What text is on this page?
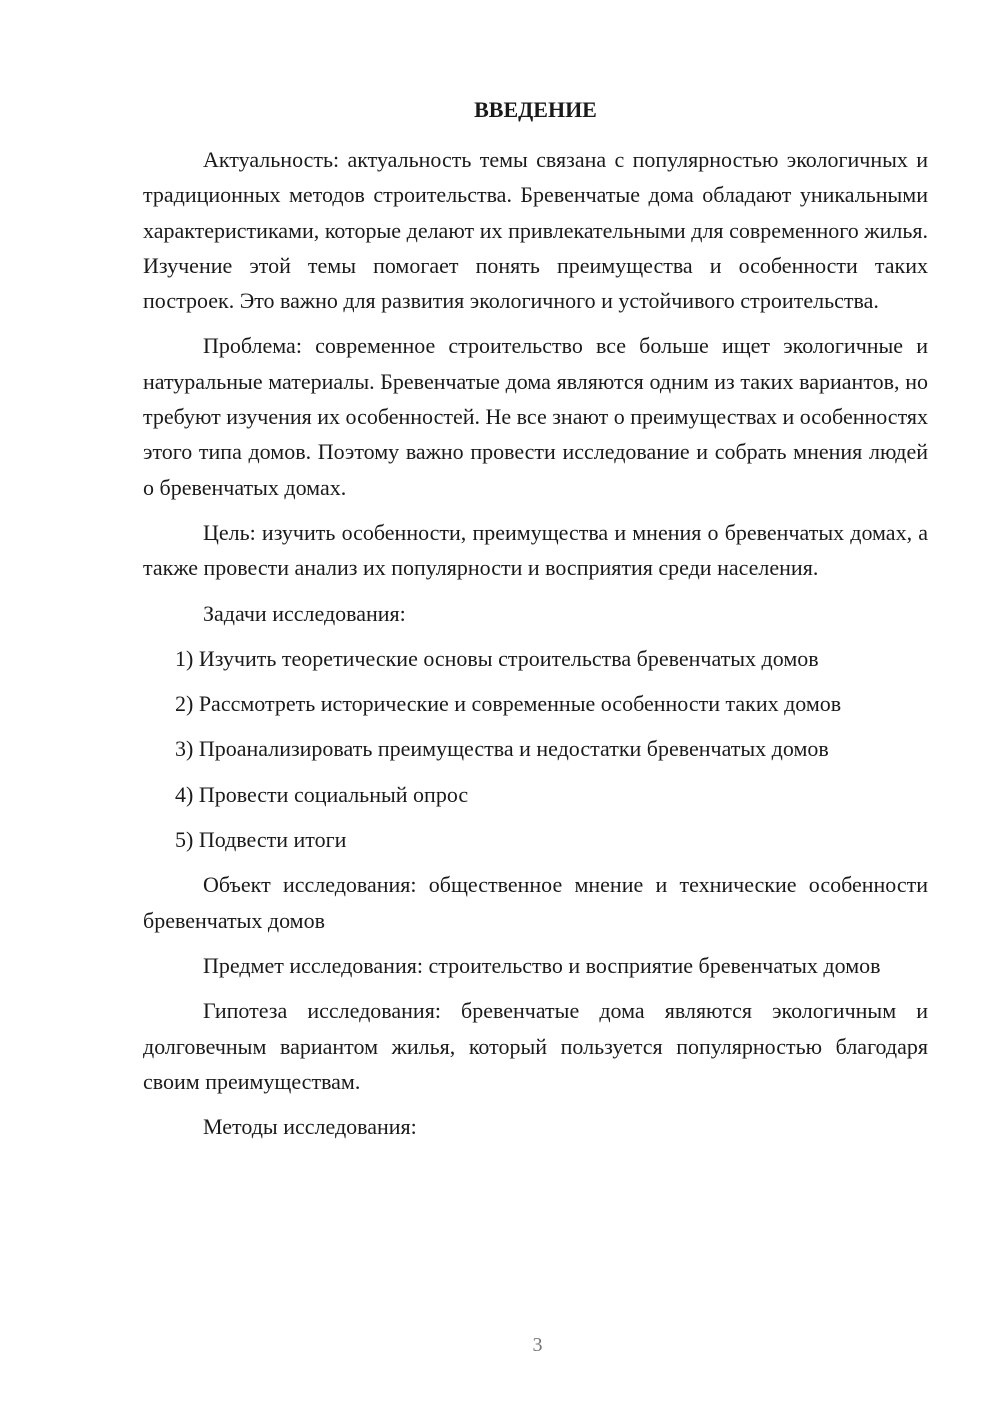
ВВЕДЕНИЕ

Актуальность: актуальность темы связана с популярностью экологичных и традиционных методов строительства. Бревенчатые дома обладают уникальными характеристиками, которые делают их привлекательными для современного жилья. Изучение этой темы помогает понять преимущества и особенности таких построек. Это важно для развития экологичного и устойчивого строительства.

Проблема: современное строительство все больше ищет экологичные и натуральные материалы. Бревенчатые дома являются одним из таких вариантов, но требуют изучения их особенностей. Не все знают о преимуществах и особенностях этого типа домов. Поэтому важно провести исследование и собрать мнения людей о бревенчатых домах.

Цель: изучить особенности, преимущества и мнения о бревенчатых домах, а также провести анализ их популярности и восприятия среди населения.

Задачи исследования:

1) Изучить теоретические основы строительства бревенчатых домов

2) Рассмотреть исторические и современные особенности таких домов

3) Проанализировать преимущества и недостатки бревенчатых домов

4) Провести социальный опрос

5) Подвести итоги

Объект исследования: общественное мнение и технические особенности бревенчатых домов

Предмет исследования: строительство и восприятие бревенчатых домов

Гипотеза исследования: бревенчатые дома являются экологичным и долговечным вариантом жилья, который пользуется популярностью благодаря своим преимуществам.

Методы исследования:

3
